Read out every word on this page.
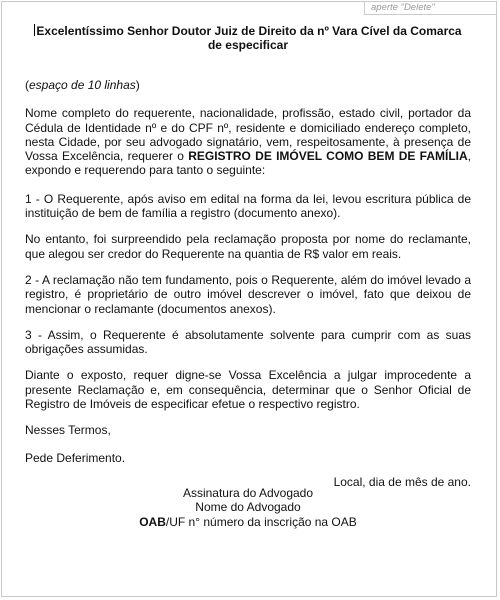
aperte "Delete"
Excelentíssimo Senhor Doutor Juiz de Direito da nº Vara Cível da Comarca
de especificar

(espaço de 10 linhas)

Nome completo do requerente, nacionalidade, profissão, estado civil, portador da Cédula de Identidade nº e do CPF nº, residente e domiciliado endereço completo, nesta Cidade, por seu advogado signatário, vem, respeitosamente, à presença de Vossa Excelência, requerer o REGISTRO DE IMÓVEL COMO BEM DE FAMÍLIA, expondo e requerendo para tanto o seguinte:

1 - O Requerente, após aviso em edital na forma da lei, levou escritura pública de instituição de bem de família a registro (documento anexo).

No entanto, foi surpreendido pela reclamação proposta por nome do reclamante, que alegou ser credor do Requerente na quantia de R$ valor em reais.

2 - A reclamação não tem fundamento, pois o Requerente, além do imóvel levado a registro, é proprietário de outro imóvel descrever o imóvel, fato que deixou de mencionar o reclamante (documentos anexos).

3 - Assim, o Requerente é absolutamente solvente para cumprir com as suas obrigações assumidas.

Diante o exposto, requer digne-se Vossa Excelência a julgar improcedente a presente Reclamação e, em consequência, determinar que o Senhor Oficial de Registro de Imóveis de especificar efetue o respectivo registro.

Nesses Termos,

Pede Deferimento.

Local, dia de mês de ano.

Assinatura do Advogado
Nome do Advogado
OAB/UF n° número da inscrição na OAB
